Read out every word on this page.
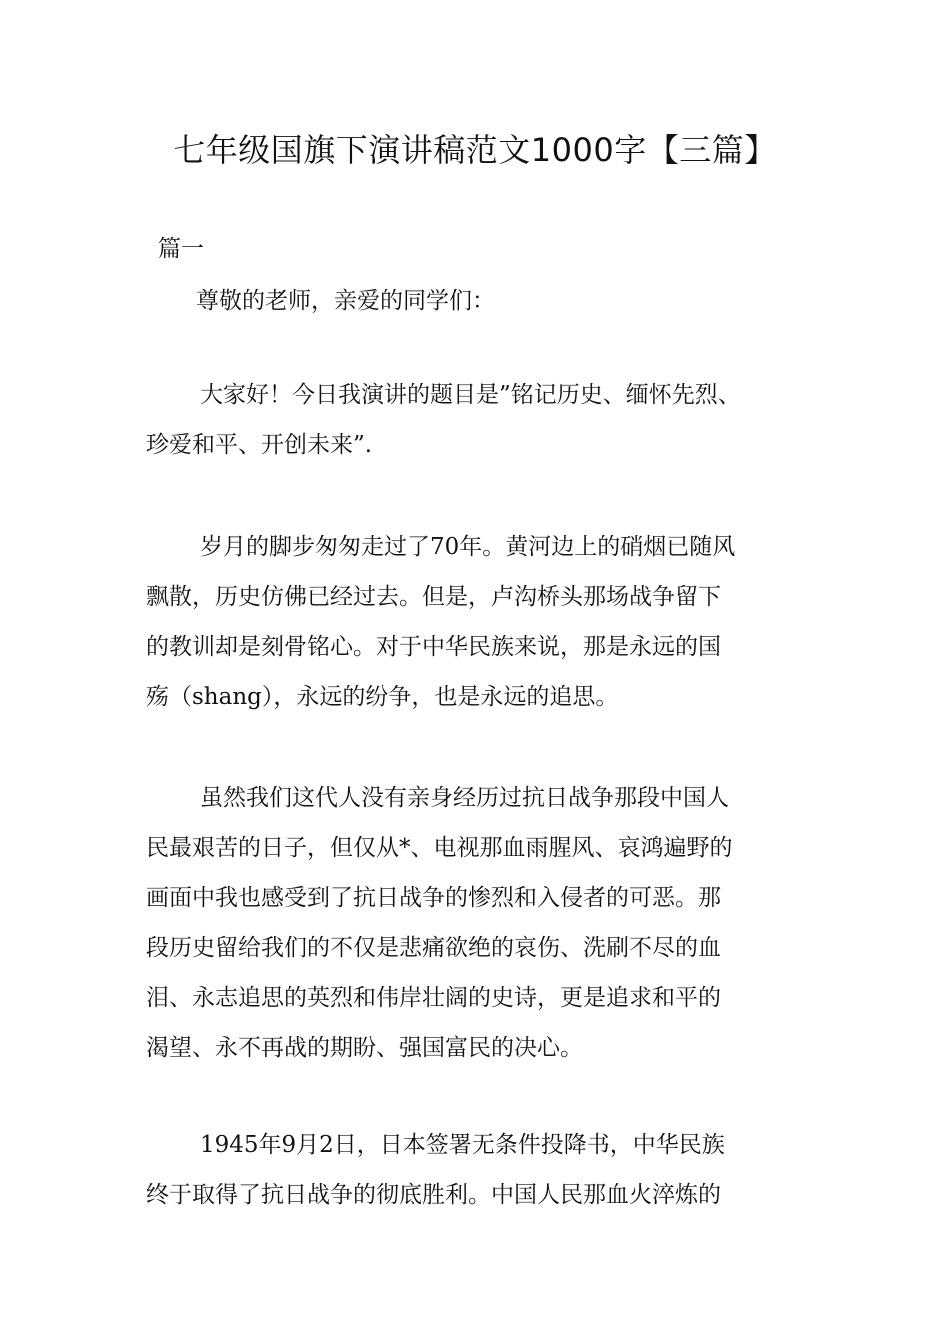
七年级国旗下演讲稿范文1000字【三篇】
篇一
尊敬的老师，亲爱的同学们：
大家好！今日我演讲的题目是”铭记历史、缅怀先烈、
珍爱和平、开创未来”.
岁月的脚步匆匆走过了70年。黄河边上的硝烟已随风
飘散，历史仿佛已经过去。但是，卢沟桥头那场战争留下
的教训却是刻骨铭心。对于中华民族来说，那是永远的国
殇（shang），永远的纷争，也是永远的追思。
虽然我们这代人没有亲身经历过抗日战争那段中国人
民最艰苦的日子，但仅从*、电视那血雨腥风、哀鸿遍野的
画面中我也感受到了抗日战争的惨烈和入侵者的可恶。那
段历史留给我们的不仅是悲痛欲绝的哀伤、洗刷不尽的血
泪、永志追思的英烈和伟岸壮阔的史诗，更是追求和平的
渴望、永不再战的期盼、强国富民的决心。
1945年9月2日，日本签署无条件投降书，中华民族
终于取得了抗日战争的彻底胜利。中国人民那血火淬炼的
